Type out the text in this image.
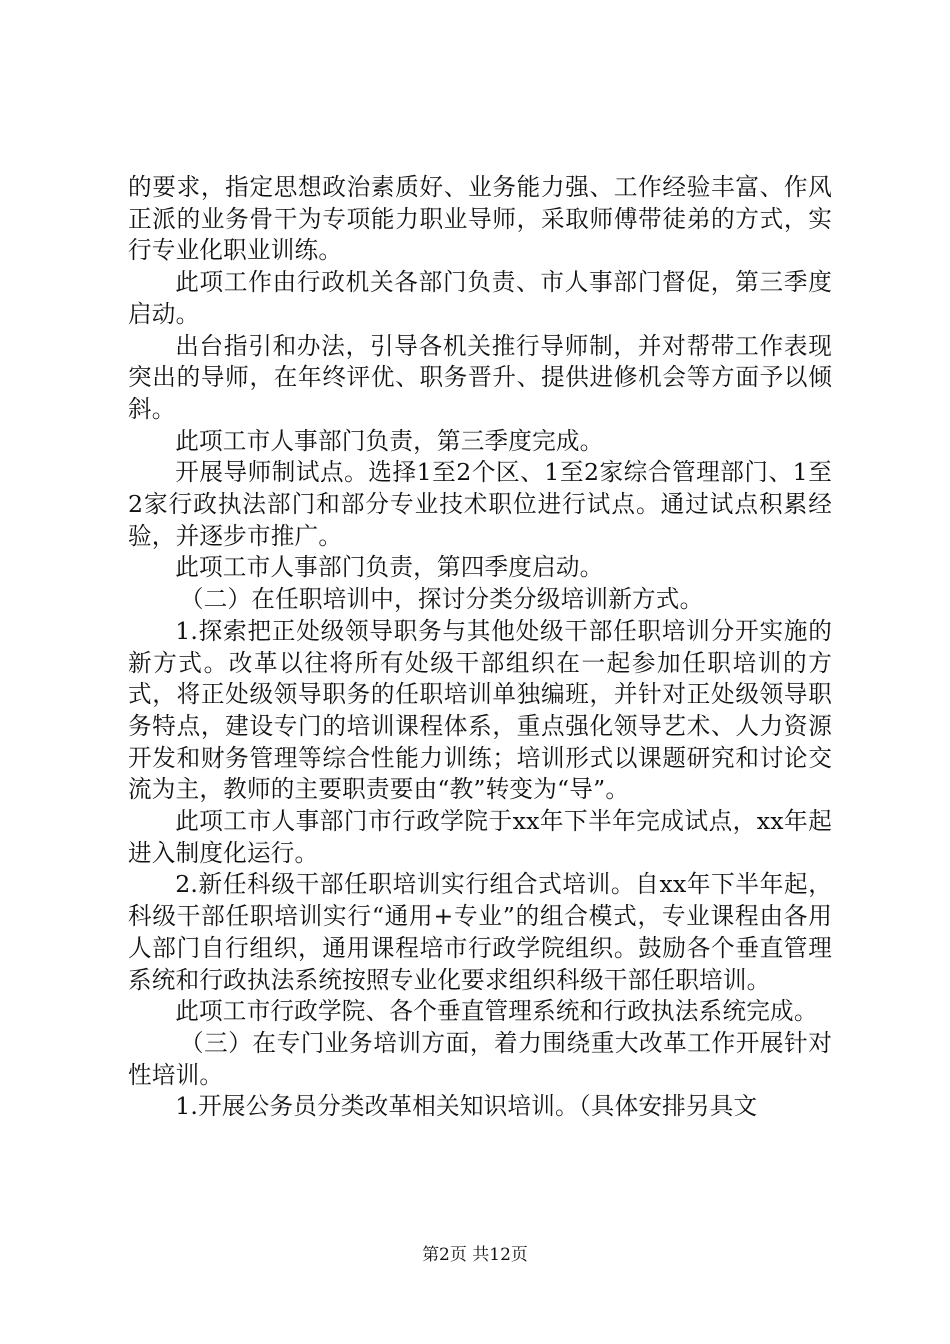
的要求，指定思想政治素质好、业务能力强、工作经验丰富、作风正派的业务骨干为专项能力职业导师，采取师傅带徒弟的方式，实行专业化职业训练。

此项工作由行政机关各部门负责、市人事部门督促，第三季度启动。

出台指引和办法，引导各机关推行导师制，并对帮带工作表现突出的导师，在年终评优、职务晋升、提供进修机会等方面予以倾斜。

此项工市人事部门负责，第三季度完成。

开展导师制试点。选择1至2个区、1至2家综合管理部门、1至2家行政执法部门和部分专业技术职位进行试点。通过试点积累经验，并逐步市推广。

此项工市人事部门负责，第四季度启动。

（二）在任职培训中，探讨分类分级培训新方式。

1.探索把正处级领导职务与其他处级干部任职培训分开实施的新方式。改革以往将所有处级干部组织在一起参加任职培训的方式，将正处级领导职务的任职培训单独编班，并针对正处级领导职务特点，建设专门的培训课程体系，重点强化领导艺术、人力资源开发和财务管理等综合性能力训练；培训形式以课题研究和讨论交流为主，教师的主要职责要由“教”转变为“导”。

此项工市人事部门市行政学院于xx年下半年完成试点，xx年起进入制度化运行。

2.新任科级干部任职培训实行组合式培训。自xx年下半年起，科级干部任职培训实行“通用+专业”的组合模式，专业课程由各用人部门自行组织，通用课程培市行政学院组织。鼓励各个垂直管理系统和行政执法系统按照专业化要求组织科级干部任职培训。

此项工市行政学院、各个垂直管理系统和行政执法系统完成。

（三）在专门业务培训方面，着力围绕重大改革工作开展针对性培训。

1.开展公务员分类改革相关知识培训。（具体安排另具文

第2页 共12页
